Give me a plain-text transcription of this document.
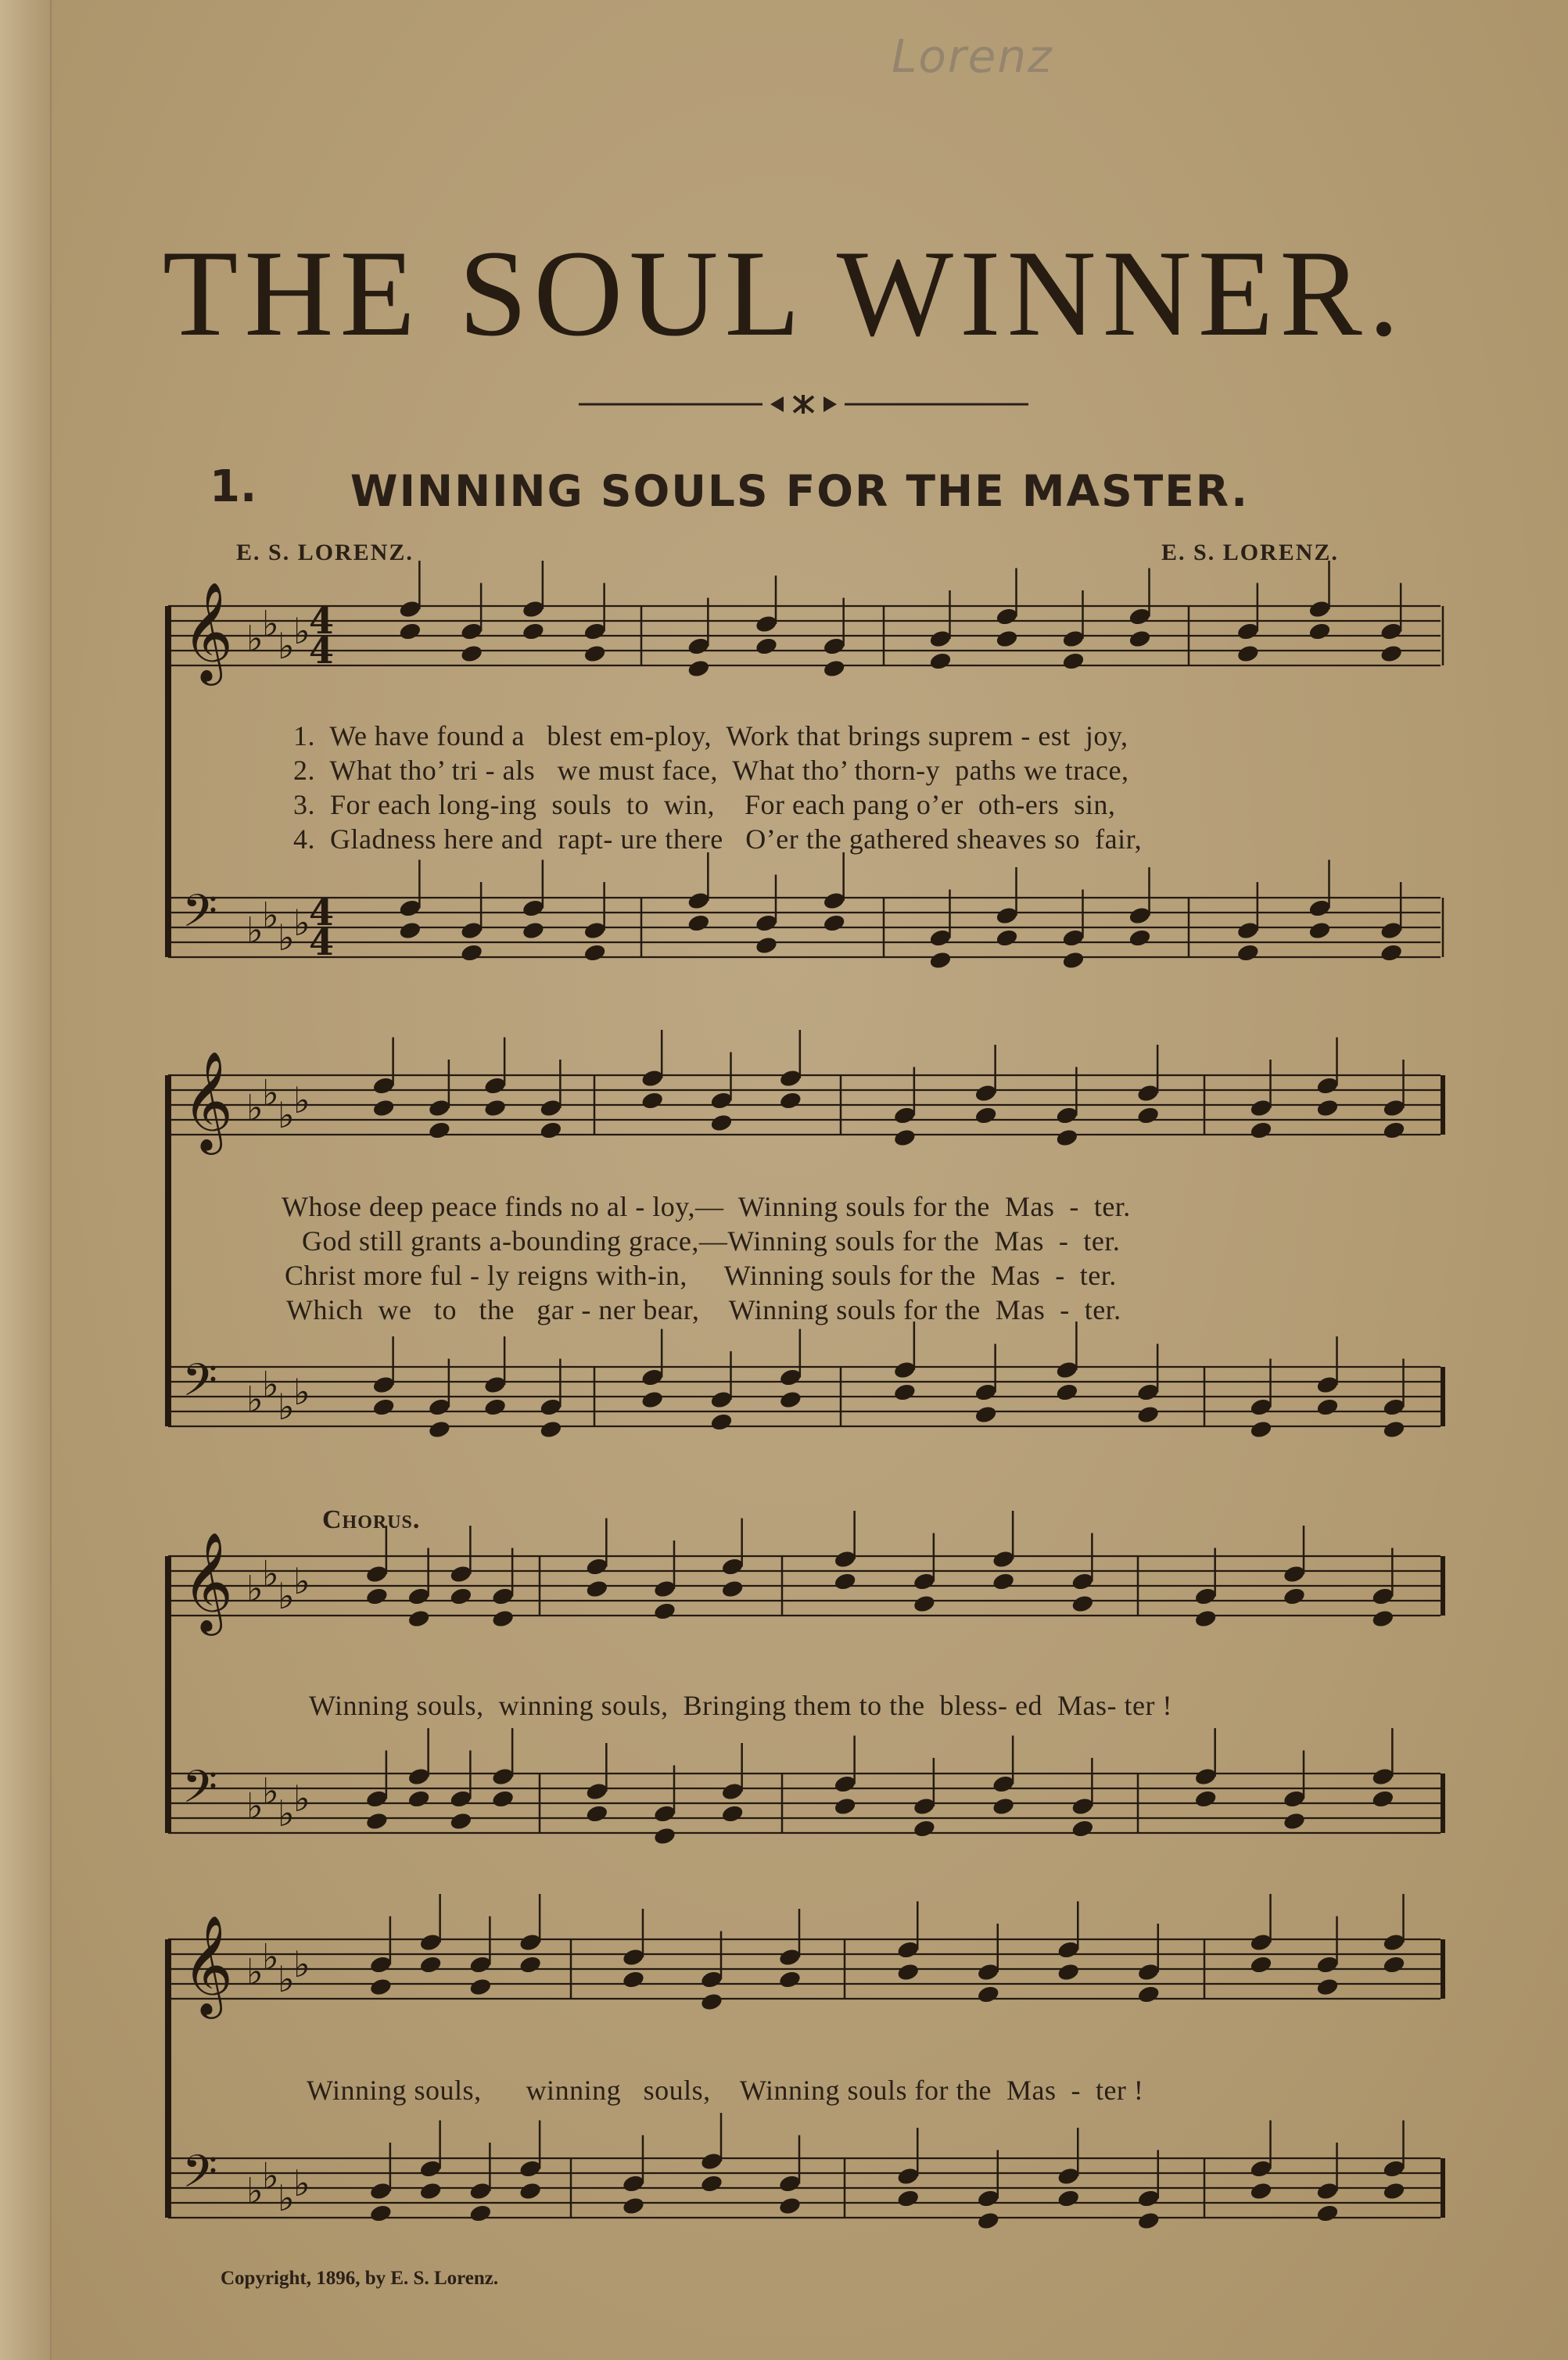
Lorenz
THE SOUL WINNER.
1.	WINNING SOULS FOR THE MASTER.
E. S. LORENZ.	E. S. LORENZ.
𝄞 ♭
♭
♭
♭
4
4
𝄢 ♭
♭
♭
♭
4
4
𝄞 ♭
♭
♭
♭
𝄢 ♭
♭
♭
♭
𝄞 ♭
♭
♭
♭
𝄢 ♭
♭
♭
♭
𝄞 ♭
♭
♭
♭
𝄢 ♭
♭
♭
♭
1.  We have found a   blest em-ploy,  Work that brings suprem - est  joy,
2.  What tho’ tri - als   we must face,  What tho’ thorn-y  paths we trace,
3.  For each long-ing  souls  to  win,    For each pang o’er  oth-ers  sin,
4.  Gladness here and  rapt- ure there   O’er the gathered sheaves so  fair,
Whose deep peace finds no al - loy,—  Winning souls for the  Mas  -  ter.
God still grants a-bounding grace,—Winning souls for the  Mas  -  ter.
Christ more ful - ly reigns with-in,     Winning souls for the  Mas  -  ter.
Which  we   to   the   gar - ner bear,    Winning souls for the  Mas  -  ter.
Chorus.
Winning souls,  winning souls,  Bringing them to the  bless- ed  Mas- ter !
Winning souls,      winning   souls,    Winning souls for the  Mas  -  ter !
Copyright, 1896, by E. S. Lorenz.
